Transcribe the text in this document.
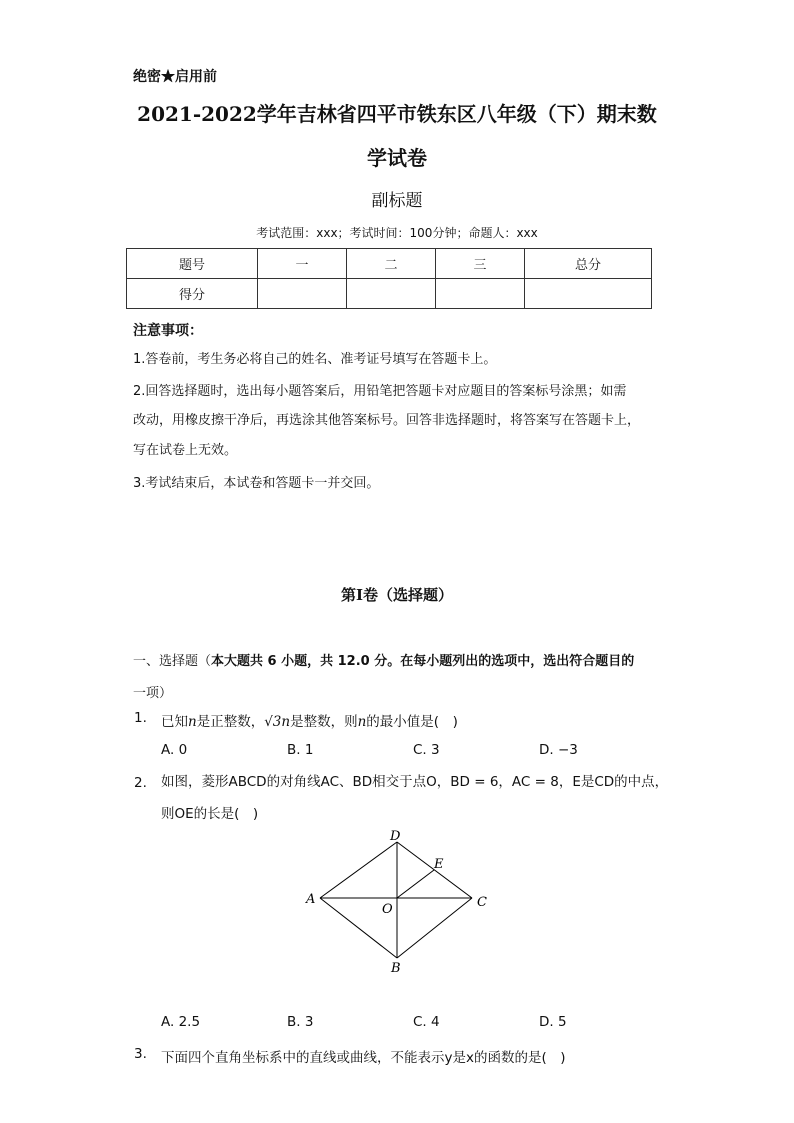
绝密★启用前
2021-2022学年吉林省四平市铁东区八年级（下）期末数
学试卷
副标题
考试范围：xxx；考试时间：100分钟；命题人：xxx
题号	一	二	三	总分
得分				
注意事项：
1.答卷前，考生务必将自己的姓名、准考证号填写在答题卡上。
2.回答选择题时，选出每小题答案后，用铅笔把答题卡对应题目的答案标号涂黑；如需
改动，用橡皮擦干净后，再选涂其他答案标号。回答非选择题时，将答案写在答题卡上，
写在试卷上无效。
3.考试结束后，本试卷和答题卡一并交回。
第I卷（选择题）
一、选择题（本大题共 6 小题，共 12.0 分。在每小题列出的选项中，选出符合题目的
一项）
1. 已知n是正整数，√3n是整数，则n的最小值是(　)
A. 0	B. 1	C. 3	D. −3
2. 如图，菱形ABCD的对角线AC、BD相交于点O，BD = 6，AC = 8，E是CD的中点，
则OE的长是(　)
D
A	C
B
E
O
A. 2.5	B. 3	C. 4	D. 5
3. 下面四个直角坐标系中的直线或曲线，不能表示y是x的函数的是(　)
